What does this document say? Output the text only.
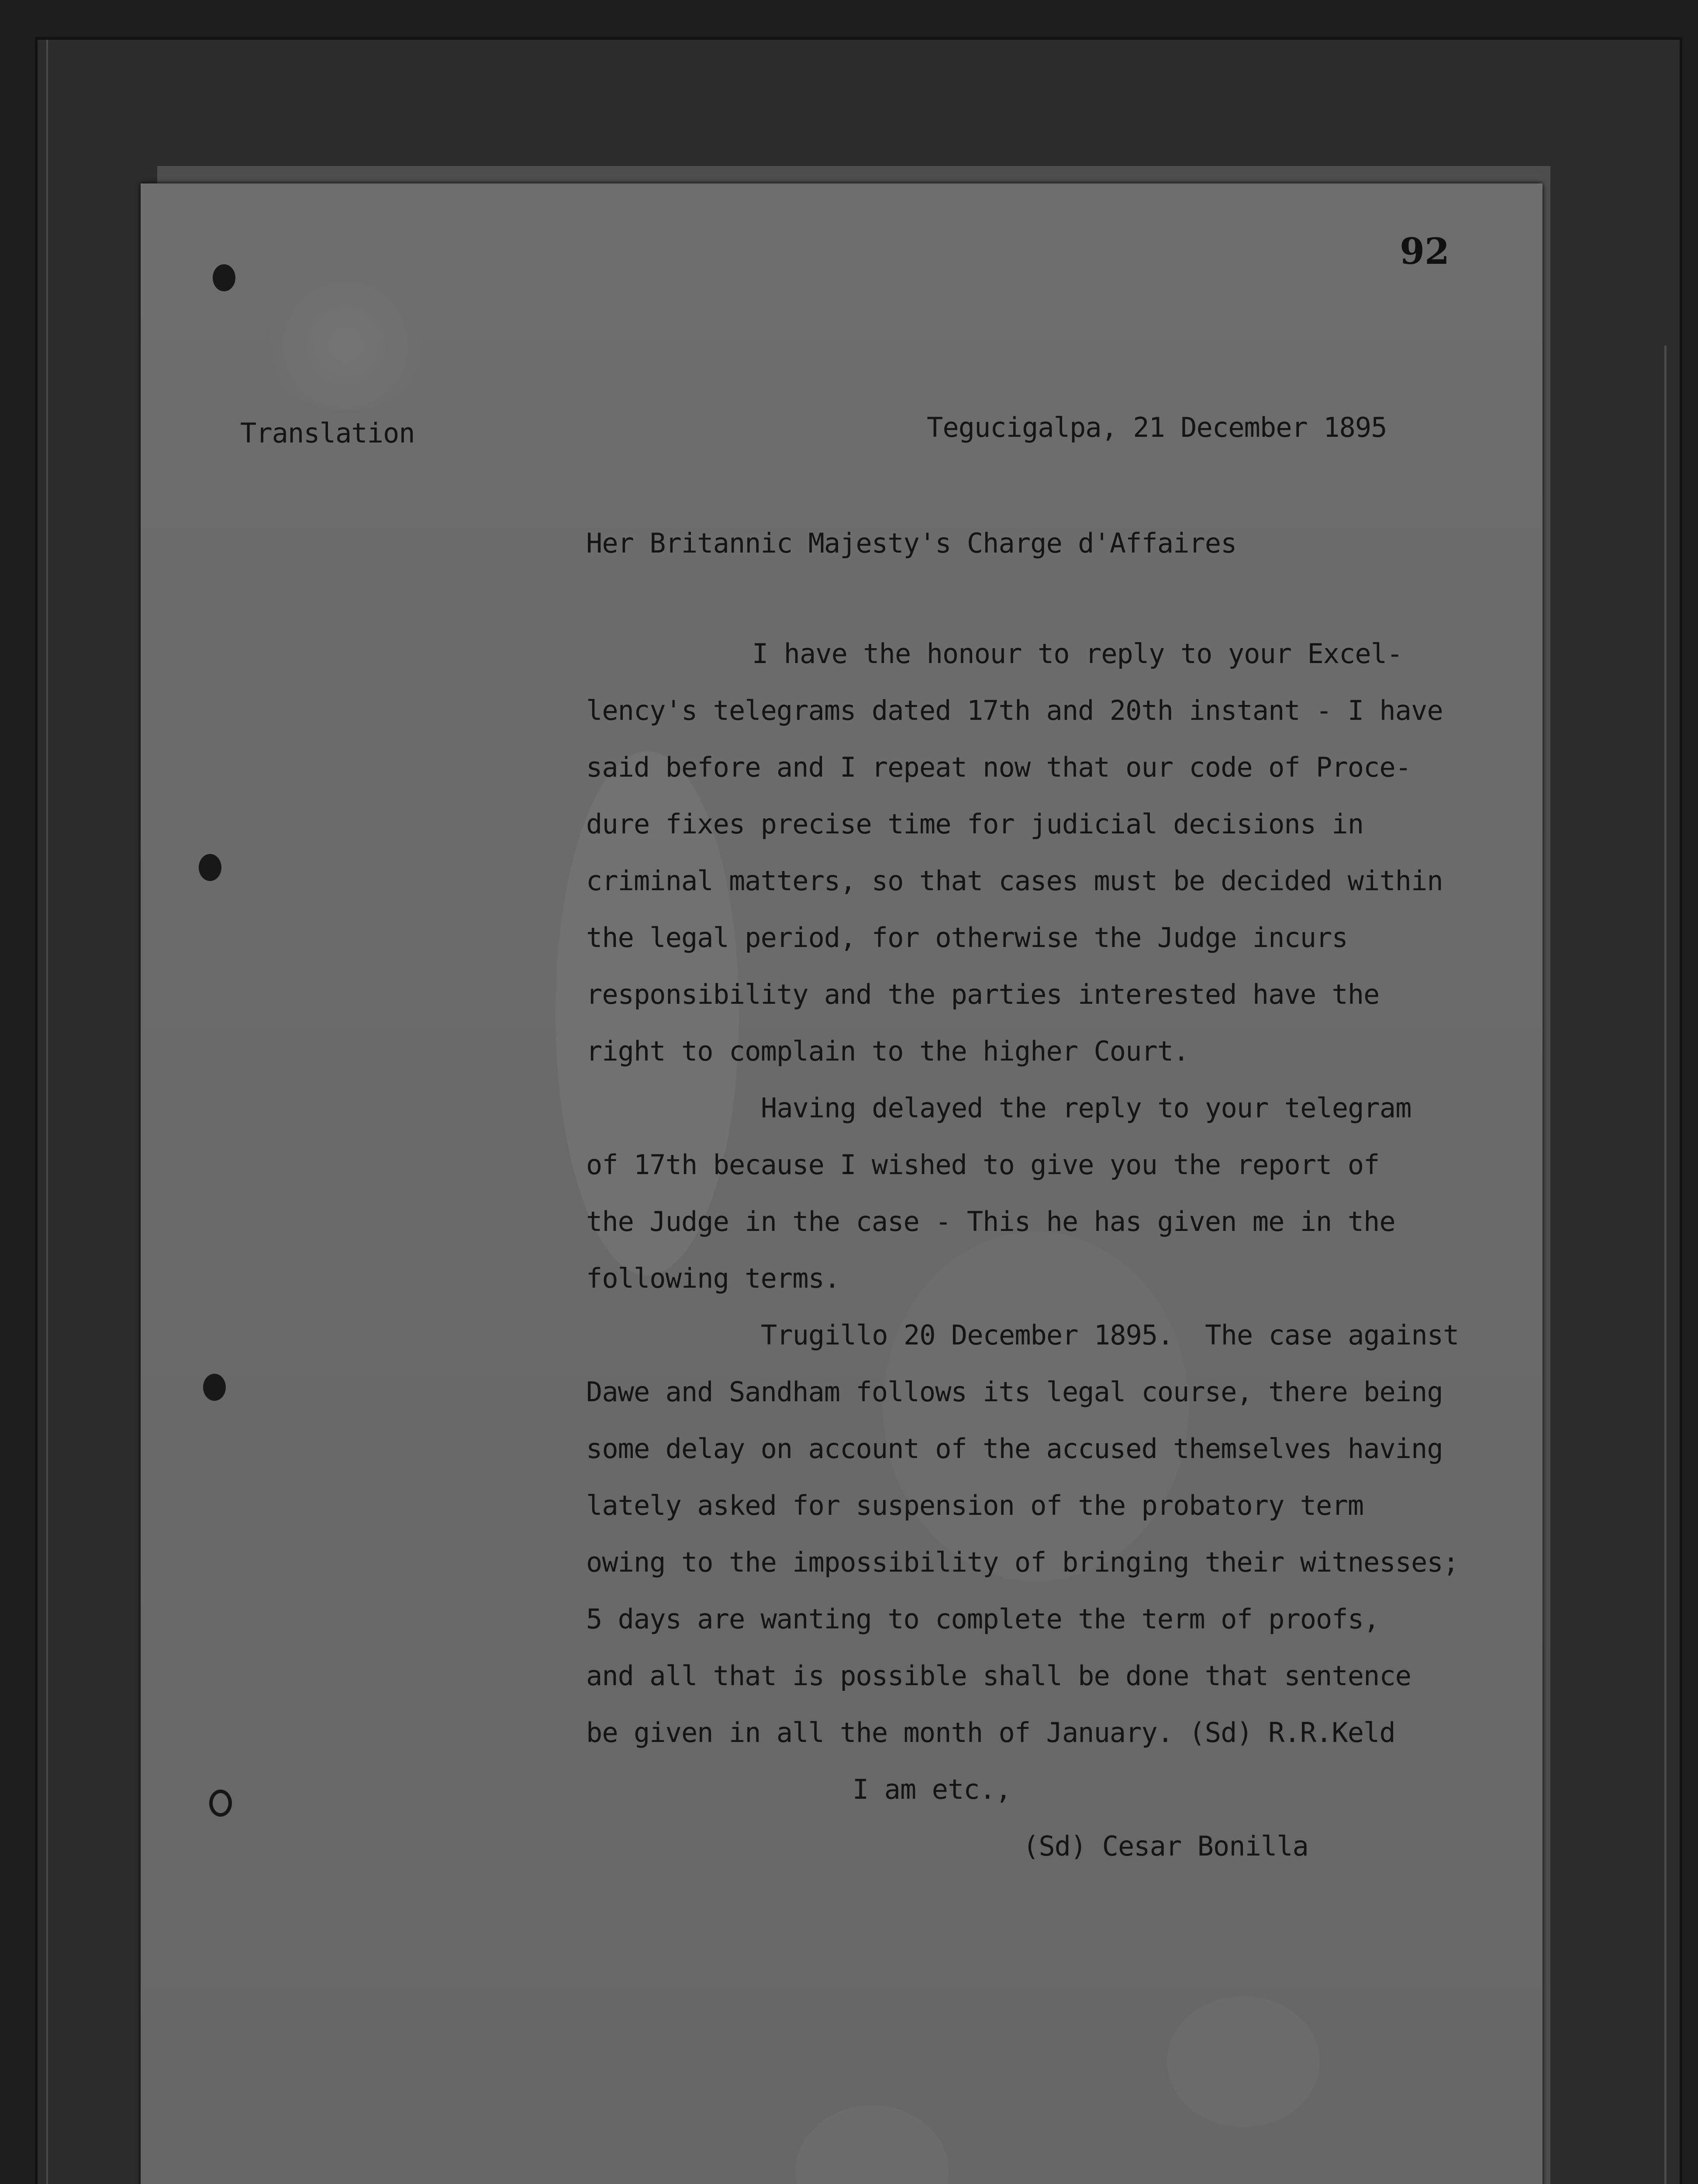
92
Translation	Tegucigalpa, 21 December 1895
Her Britannic Majesty's Charge d'Affaires
I have the honour to reply to your Excel-
lency's telegrams dated 17th and 20th instant - I have
said before and I repeat now that our code of Proce-
dure fixes precise time for judicial decisions in
criminal matters, so that cases must be decided within
the legal period, for otherwise the Judge incurs
responsibility and the parties interested have the
right to complain to the higher Court.
Having delayed the reply to your telegram
of 17th because I wished to give you the report of
the Judge in the case - This he has given me in the
following terms.
Trugillo 20 December 1895.  The case against
Dawe and Sandham follows its legal course, there being
some delay on account of the accused themselves having
lately asked for suspension of the probatory term
owing to the impossibility of bringing their witnesses;
5 days are wanting to complete the term of proofs,
and all that is possible shall be done that sentence
be given in all the month of January. (Sd) R.R.Keld
I am etc.,
(Sd) Cesar Bonilla
